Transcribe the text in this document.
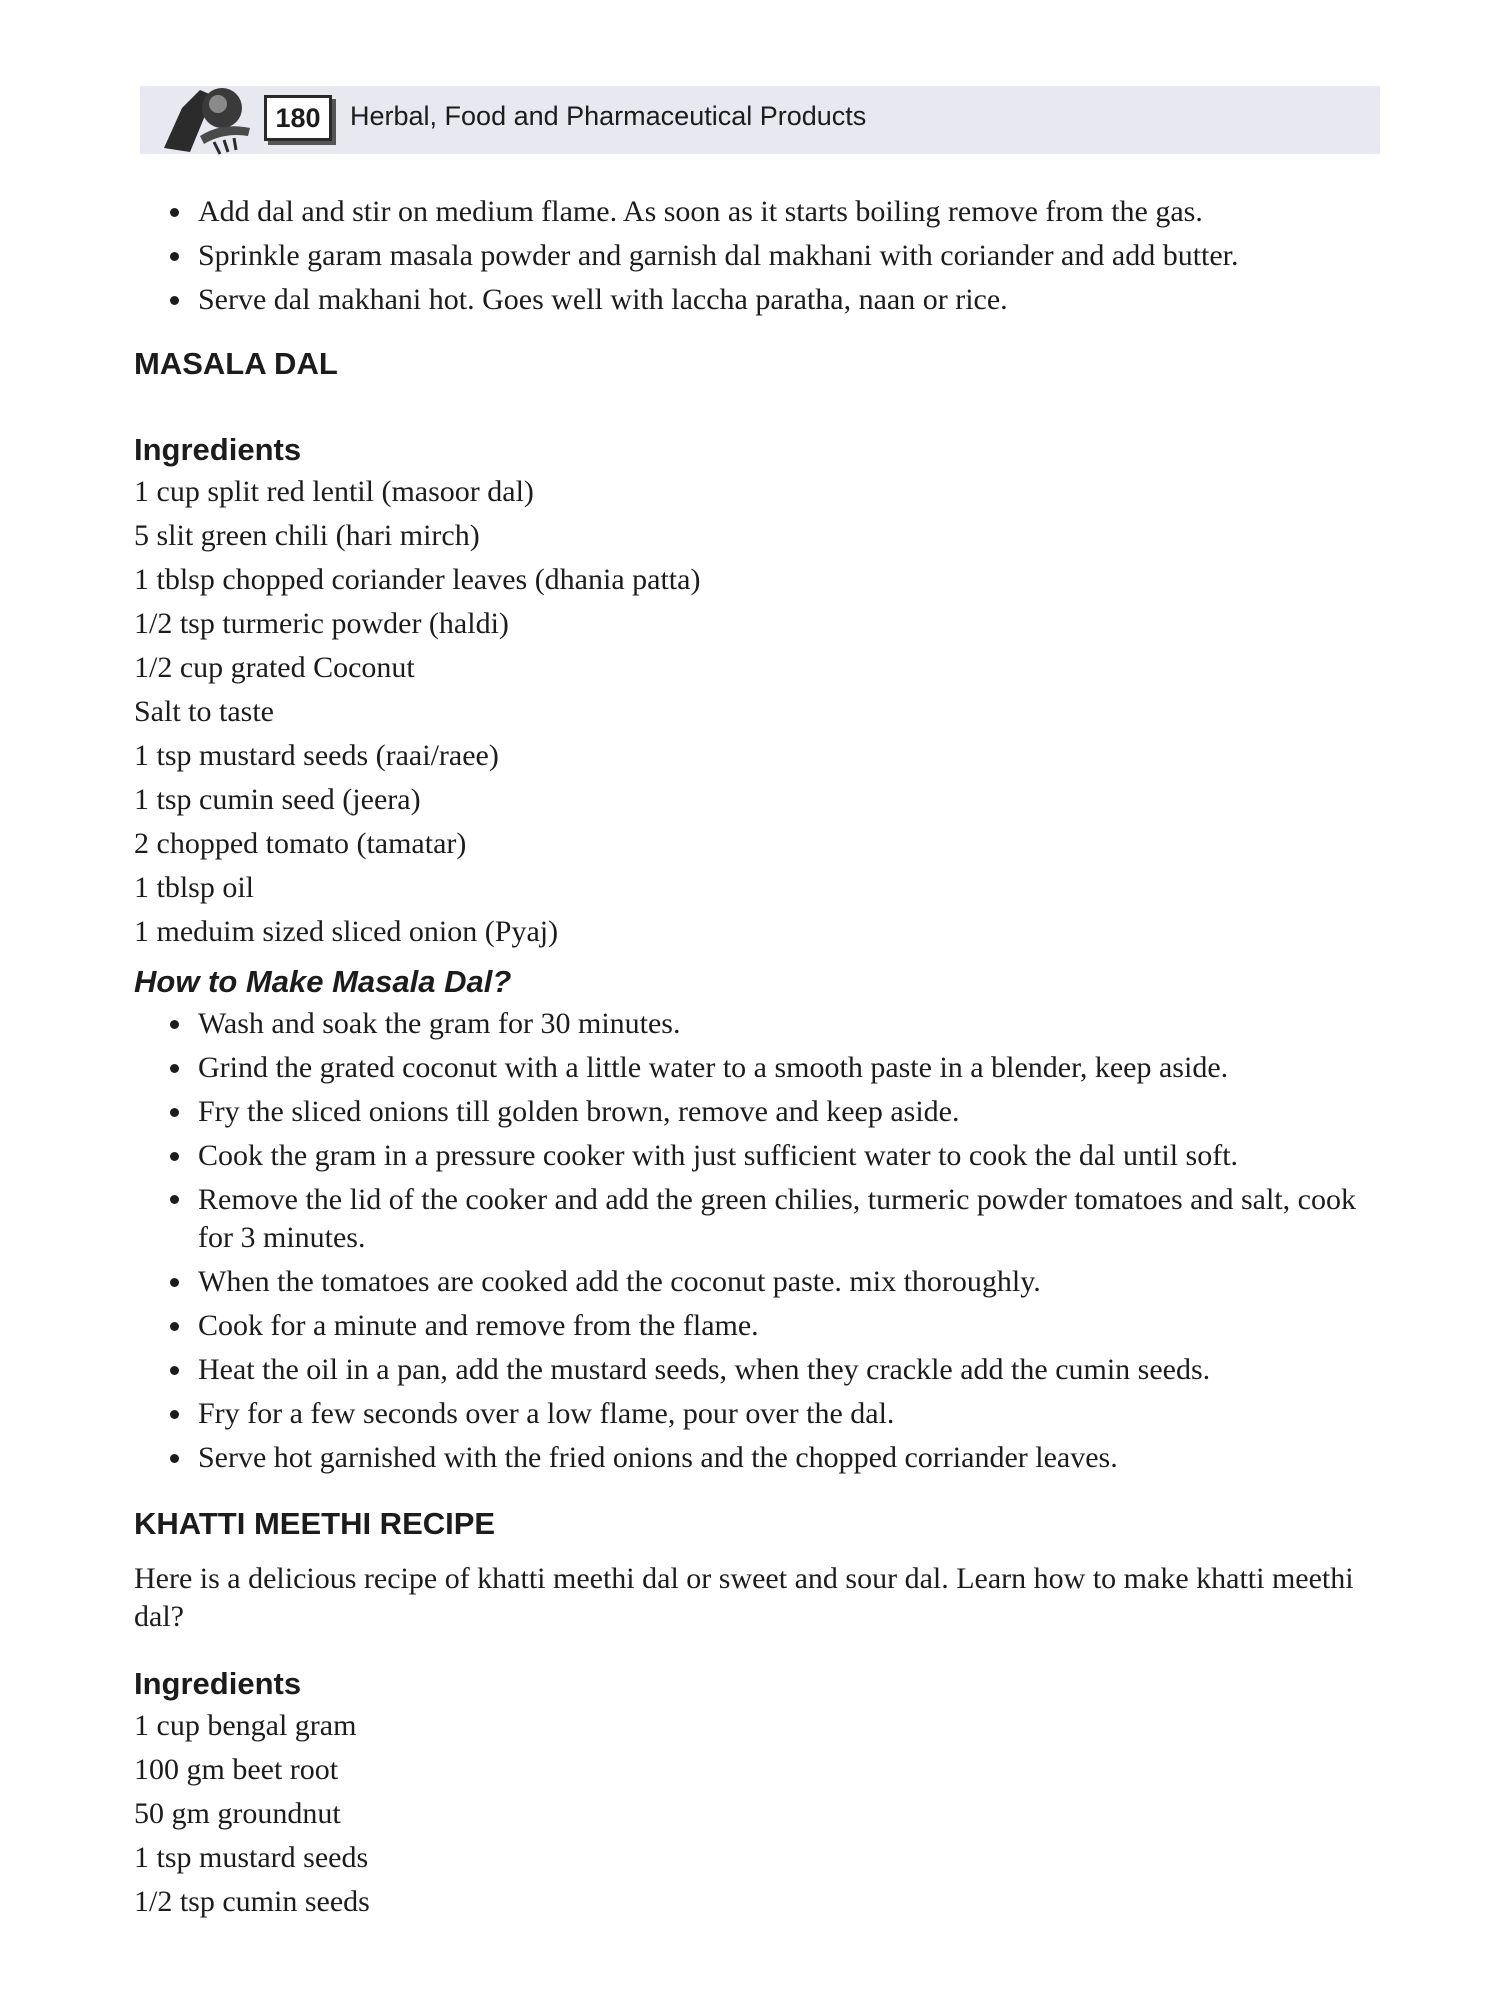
180	Herbal, Food and Pharmaceutical Products
Add dal and stir on medium flame. As soon as it starts boiling remove from the gas.
Sprinkle garam masala powder and garnish dal makhani with coriander and add butter.
Serve dal makhani hot. Goes well with laccha paratha, naan or rice.
MASALA DAL
Ingredients
1 cup split red lentil (masoor dal)
5 slit green chili (hari mirch)
1 tblsp chopped coriander leaves (dhania patta)
1/2 tsp turmeric powder (haldi)
1/2 cup grated Coconut
Salt to taste
1 tsp mustard seeds (raai/raee)
1 tsp cumin seed (jeera)
2 chopped tomato (tamatar)
1 tblsp oil
1 meduim sized sliced onion (Pyaj)
How to Make Masala Dal?
Wash and soak the gram for 30 minutes.
Grind the grated coconut with a little water to a smooth paste in a blender, keep aside.
Fry the sliced onions till golden brown, remove and keep aside.
Cook the gram in a pressure cooker with just sufficient water to cook the dal until soft.
Remove the lid of the cooker and add the green chilies, turmeric powder tomatoes and salt, cook for 3 minutes.
When the tomatoes are cooked add the coconut paste. mix thoroughly.
Cook for a minute and remove from the flame.
Heat the oil in a pan, add the mustard seeds, when they crackle add the cumin seeds.
Fry for a few seconds over a low flame, pour over the dal.
Serve hot garnished with the fried onions and the chopped corriander leaves.
KHATTI MEETHI RECIPE

Here is a delicious recipe of khatti meethi dal or sweet and sour dal. Learn how to make khatti meethi dal?

Ingredients
1 cup bengal gram
100 gm beet root
50 gm groundnut
1 tsp mustard seeds
1/2 tsp cumin seeds
